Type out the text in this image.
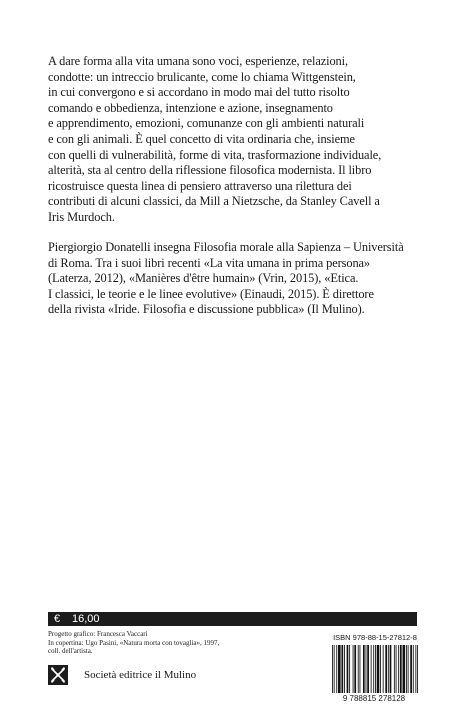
A dare forma alla vita umana sono voci, esperienze, relazioni,

condotte: un intreccio brulicante, come lo chiama Wittgenstein,

in cui convergono e si accordano in modo mai del tutto risolto

comando e obbedienza, intenzione e azione, insegnamento

e apprendimento, emozioni, comunanze con gli ambienti naturali

e con gli animali. È quel concetto di vita ordinaria che, insieme

con quelli di vulnerabilità, forme di vita, trasformazione individuale,

alterità, sta al centro della riflessione filosofica modernista. Il libro

ricostruisce questa linea di pensiero attraverso una rilettura dei

contributi di alcuni classici, da Mill a Nietzsche, da Stanley Cavell a

Iris Murdoch.

Piergiorgio Donatelli insegna Filosofia morale alla Sapienza – Università

di Roma. Tra i suoi libri recenti «La vita umana in prima persona»

(Laterza, 2012), «Manières d'être humain» (Vrin, 2015), «Etica.

I classici, le teorie e le linee evolutive» (Einaudi, 2015). È direttore

della rivista «Iride. Filosofia e discussione pubblica» (Il Mulino).

€ 16,00
Progetto grafico: Francesca Vaccari
In copertina: Ugo Pasini, «Natura morta con tovaglia», 1997,
coll. dell'artista.
Società editrice il Mulino
ISBN 978-88-15-27812-8
9 788815 278128
